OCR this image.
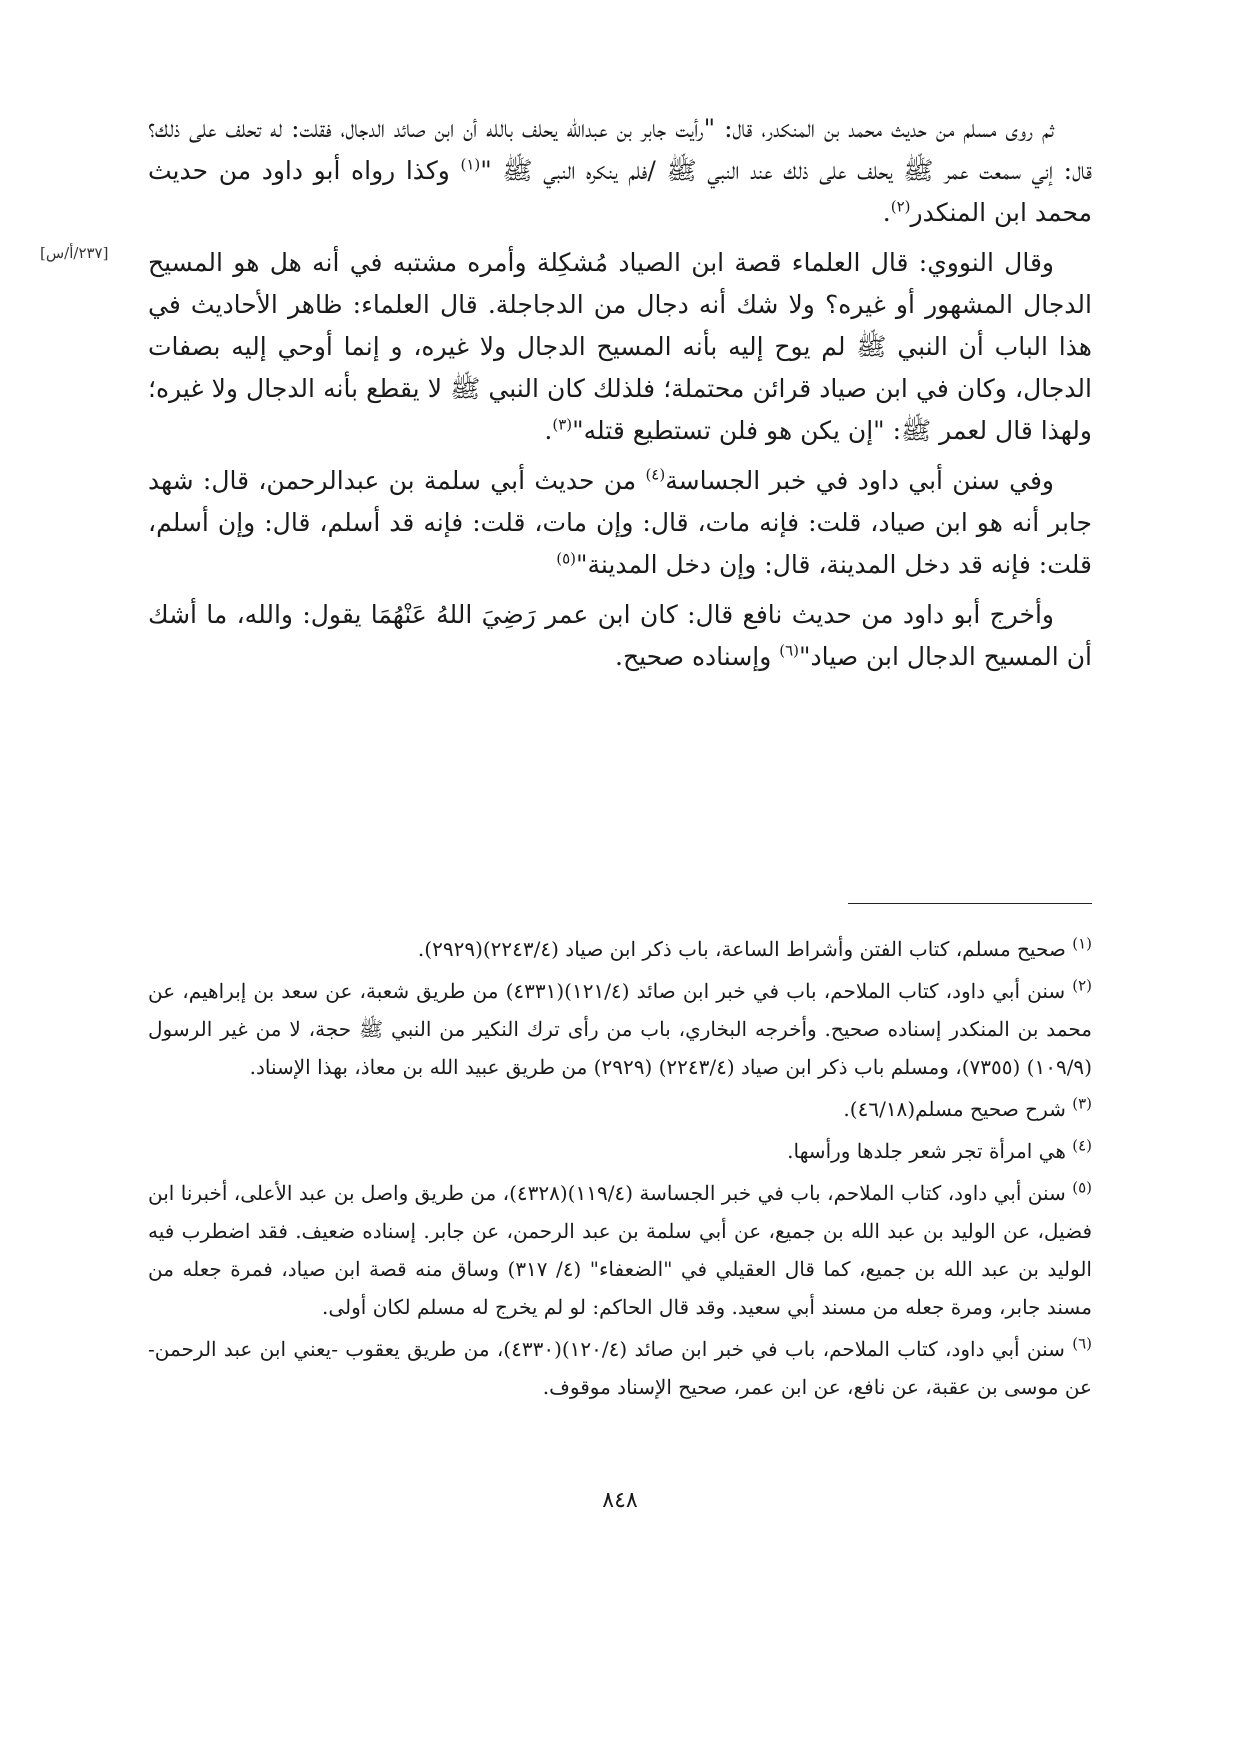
[٢٣٧/أ/س]

ثم روى مسلم من حديث محمد بن المنكدر، قال: "رأيت جابر بن عبدالله يحلف بالله أن ابن صائد الدجال، فقلت: له تحلف على ذلك؟ قال: إني سمعت عمر ﷺ يحلف على ذلك عند النبي ﷺ /فلم ينكره النبي ﷺ "$^{(١)}$ وكذا رواه أبو داود من حديث محمد ابن المنكدر$^{(٢)}$.

وقال النووي: قال العلماء قصة ابن الصياد مُشكِلة وأمره مشتبه في أنه هل هو المسيح الدجال المشهور أو غيره؟ ولا شك أنه دجال من الدجاجلة. قال العلماء: ظاهر الأحاديث في هذا الباب أن النبي ﷺ لم يوح إليه بأنه المسيح الدجال ولا غيره، و إنما أوحي إليه بصفات الدجال، وكان في ابن صياد قرائن محتملة؛ فلذلك كان النبي ﷺ لا يقطع بأنه الدجال ولا غيره؛ ولهذا قال لعمر ﷺ: "إن يكن هو فلن تستطيع قتله"$^{(٣)}$.

وفي سنن أبي داود في خبر الجساسة$^{(٤)}$ من حديث أبي سلمة بن عبدالرحمن، قال: شهد جابر أنه هو ابن صياد، قلت: فإنه مات، قال: وإن مات، قلت: فإنه قد أسلم، قال: وإن أسلم، قلت: فإنه قد دخل المدينة، قال: وإن دخل المدينة"$^{(٥)}$

وأخرج أبو داود من حديث نافع قال: كان ابن عمر رَضِيَ اللهُ عَنْهُمَا يقول: والله، ما أشك أن المسيح الدجال ابن صياد"$^{(٦)}$ وإسناده صحيح.

$^{(١)}$ صحيح مسلم، كتاب الفتن وأشراط الساعة، باب ذكر ابن صياد (٢٢٤٣/٤)(٢٩٢٩).
$^{(٢)}$ سنن أبي داود، كتاب الملاحم، باب في خبر ابن صائد (١٢١/٤)(٤٣٣١) من طريق شعبة، عن سعد بن إبراهيم، عن محمد بن المنكدر إسناده صحيح. وأخرجه البخاري، باب من رأى ترك النكير من النبي ﷺ حجة، لا من غير الرسول (١٠٩/٩) (٧٣٥٥)، ومسلم باب ذكر ابن صياد (٢٢٤٣/٤) (٢٩٢٩) من طريق عبيد الله بن معاذ، بهذا الإسناد.
$^{(٣)}$ شرح صحيح مسلم(٤٦/١٨).
$^{(٤)}$ هي امرأة تجر شعر جلدها ورأسها.
$^{(٥)}$ سنن أبي داود، كتاب الملاحم، باب في خبر الجساسة (١١٩/٤)(٤٣٢٨)، من طريق واصل بن عبد الأعلى، أخبرنا ابن فضيل، عن الوليد بن عبد الله بن جميع، عن أبي سلمة بن عبد الرحمن، عن جابر. إسناده ضعيف. فقد اضطرب فيه الوليد بن عبد الله بن جميع، كما قال العقيلي في "الضعفاء" (٤/ ٣١٧) وساق منه قصة ابن صياد، فمرة جعله من مسند جابر، ومرة جعله من مسند أبي سعيد. وقد قال الحاكم: لو لم يخرج له مسلم لكان أولى.
$^{(٦)}$ سنن أبي داود، كتاب الملاحم، باب في خبر ابن صائد (١٢٠/٤)(٤٣٣٠)، من طريق يعقوب -يعني ابن عبد الرحمن- عن موسى بن عقبة، عن نافع، عن ابن عمر، صحيح الإسناد موقوف.
٨٤٨
